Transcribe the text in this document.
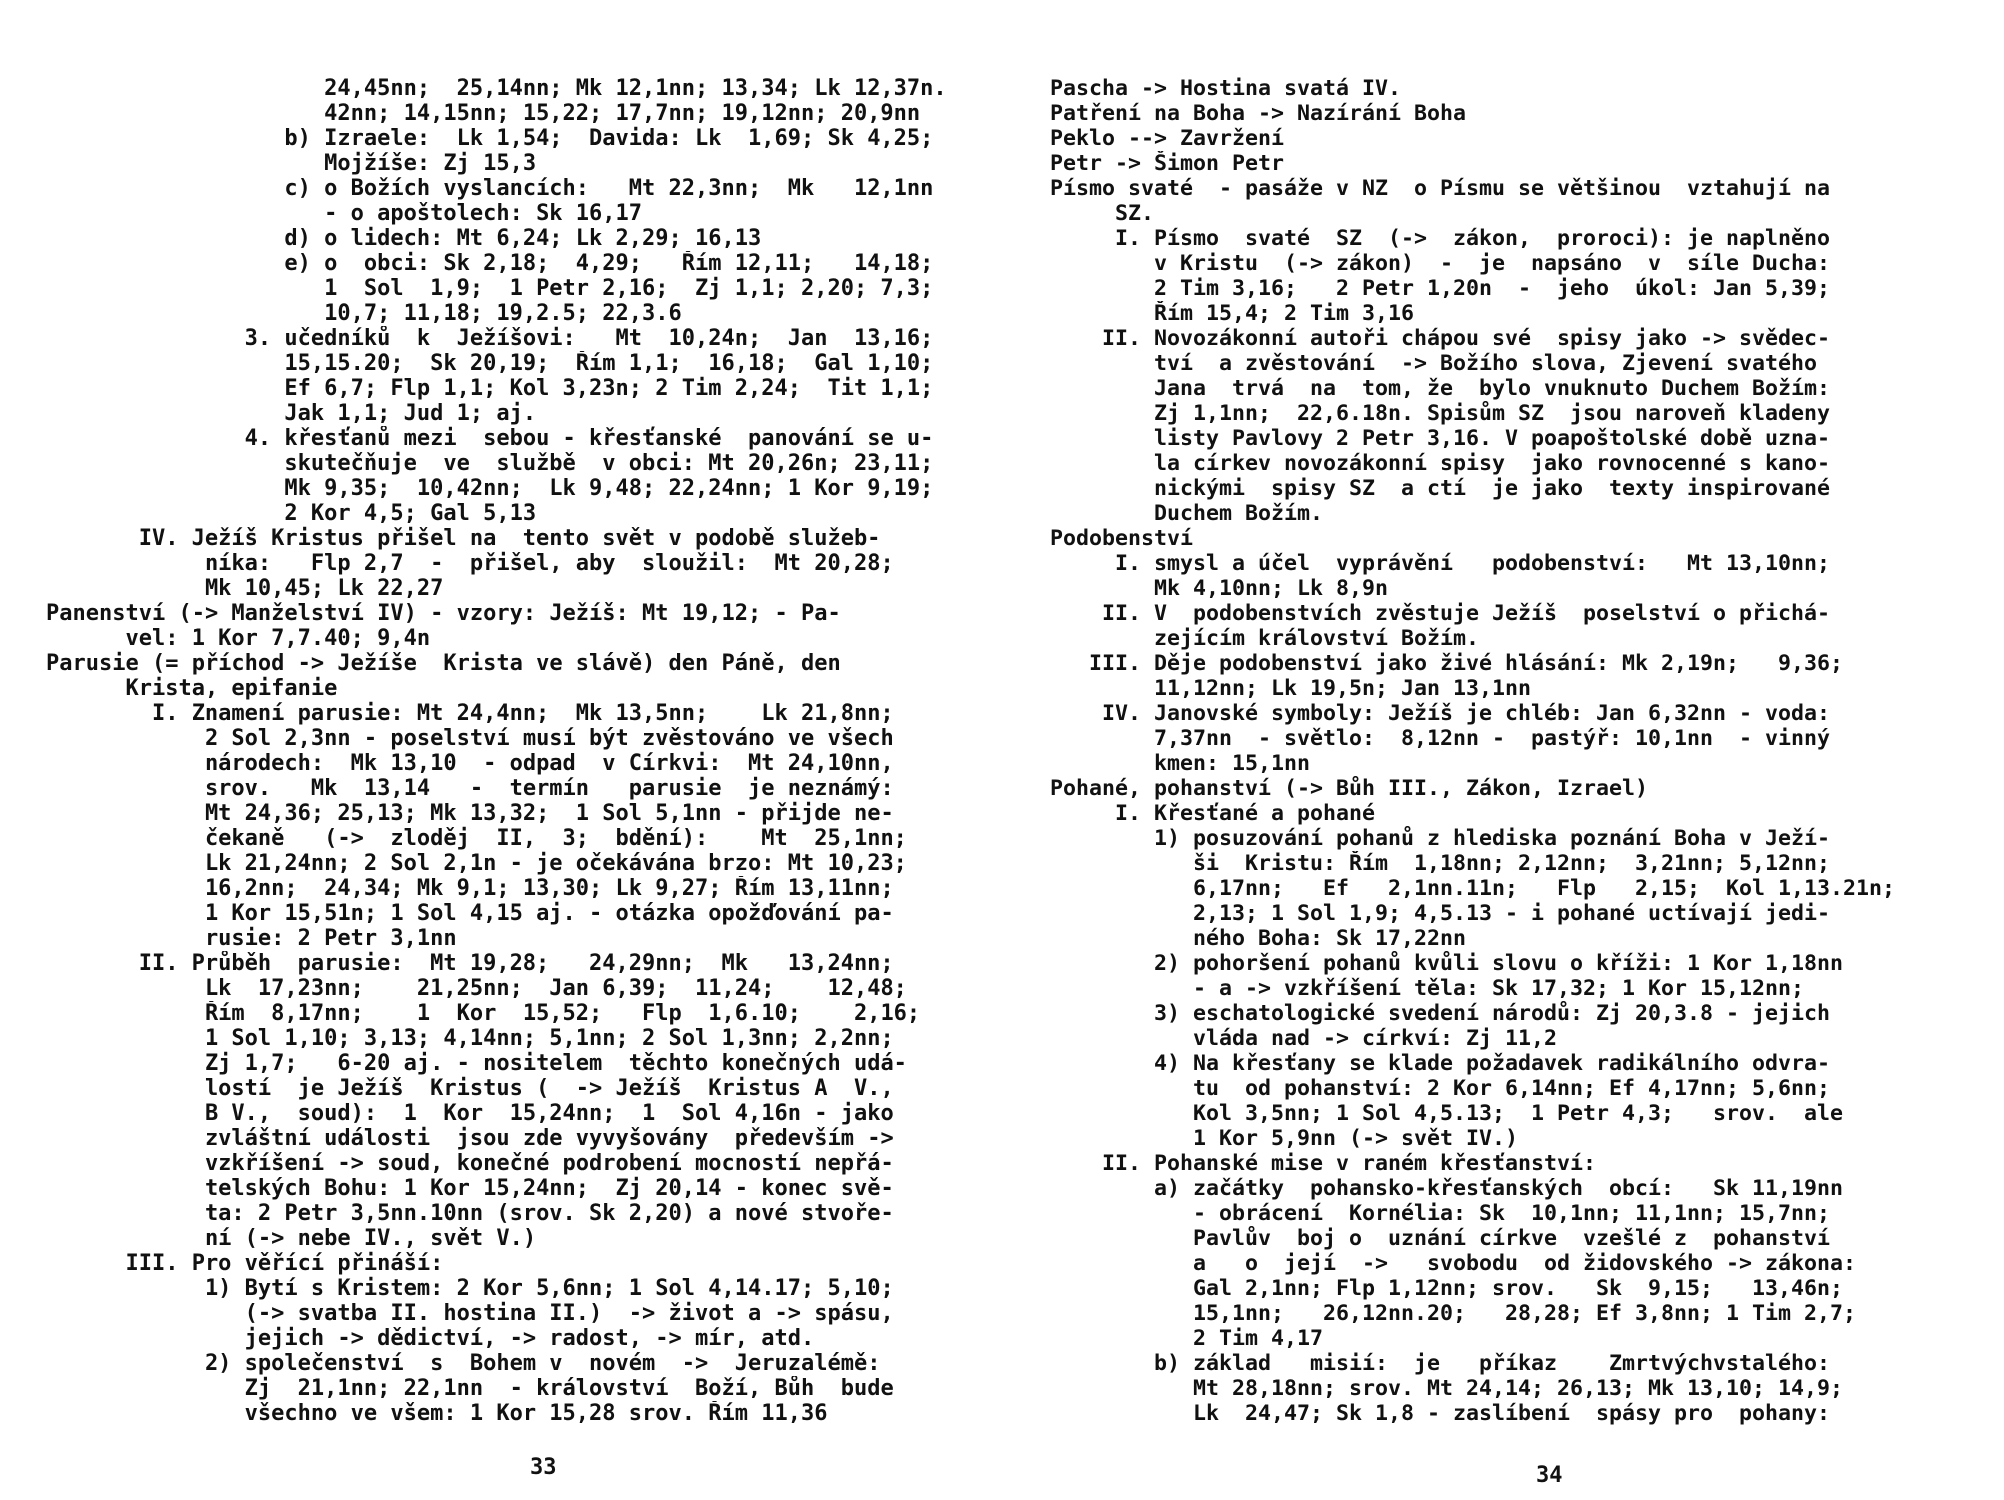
24,45nn;  25,14nn; Mk 12,1nn; 13,34; Lk 12,37n.
42nn; 14,15nn; 15,22; 17,7nn; 19,12nn; 20,9nn
b) Izraele:  Lk 1,54;  Davida: Lk  1,69; Sk 4,25;
Mojžíše: Zj 15,3
c) o Božích vyslancích:   Mt 22,3nn;  Mk   12,1nn
- o apoštolech: Sk 16,17
d) o lidech: Mt 6,24; Lk 2,29; 16,13
e) o  obci: Sk 2,18;  4,29;   Řím 12,11;   14,18;
1  Sol  1,9;  1 Petr 2,16;  Zj 1,1; 2,20; 7,3;
10,7; 11,18; 19,2.5; 22,3.6
3. učedníků  k  Ježíšovi:   Mt  10,24n;  Jan  13,16;
15,15.20;  Sk 20,19;  Řím 1,1;  16,18;  Gal 1,10;
Ef 6,7; Flp 1,1; Kol 3,23n; 2 Tim 2,24;  Tit 1,1;
Jak 1,1; Jud 1; aj.
4. křesťanů mezi  sebou - křesťanské  panování se u-
skutečňuje  ve  službě  v obci: Mt 20,26n; 23,11;
Mk 9,35;  10,42nn;  Lk 9,48; 22,24nn; 1 Kor 9,19;
2 Kor 4,5; Gal 5,13
IV. Ježíš Kristus přišel na  tento svět v podobě služeb-
níka:   Flp 2,7  -  přišel, aby  sloužil:  Mt 20,28;
Mk 10,45; Lk 22,27
Panenství (-> Manželství IV) - vzory: Ježíš: Mt 19,12; - Pa-
vel: 1 Kor 7,7.40; 9,4n
Parusie (= příchod -> Ježíše  Krista ve slávě) den Páně, den
Krista, epifanie
I. Znamení parusie: Mt 24,4nn;  Mk 13,5nn;    Lk 21,8nn;
2 Sol 2,3nn - poselství musí být zvěstováno ve všech
národech:  Mk 13,10  - odpad  v Církvi:  Mt 24,10nn,
srov.   Mk  13,14   -  termín   parusie  je neznámý:
Mt 24,36; 25,13; Mk 13,32;  1 Sol 5,1nn - přijde ne-
čekaně   (->  zloděj  II,  3;  bdění):    Mt  25,1nn;
Lk 21,24nn; 2 Sol 2,1n - je očekávána brzo: Mt 10,23;
16,2nn;  24,34; Mk 9,1; 13,30; Lk 9,27; Řím 13,11nn;
1 Kor 15,51n; 1 Sol 4,15 aj. - otázka opožďování pa-
rusie: 2 Petr 3,1nn
II. Průběh  parusie:  Mt 19,28;   24,29nn;  Mk   13,24nn;
Lk  17,23nn;    21,25nn;  Jan 6,39;  11,24;    12,48;
Řím  8,17nn;    1  Kor  15,52;   Flp  1,6.10;    2,16;
1 Sol 1,10; 3,13; 4,14nn; 5,1nn; 2 Sol 1,3nn; 2,2nn;
Zj 1,7;   6-20 aj. - nositelem  těchto konečných udá-
lostí  je Ježíš  Kristus (  -> Ježíš  Kristus A  V.,
B V.,  soud):  1  Kor  15,24nn;  1  Sol 4,16n - jako
zvláštní události  jsou zde vyvyšovány  především ->
vzkříšení -> soud, konečné podrobení mocností nepřá-
telských Bohu: 1 Kor 15,24nn;  Zj 20,14 - konec svě-
ta: 2 Petr 3,5nn.10nn (srov. Sk 2,20) a nové stvoře-
ní (-> nebe IV., svět V.)
III. Pro věřící přináší:
1) Bytí s Kristem: 2 Kor 5,6nn; 1 Sol 4,14.17; 5,10;
(-> svatba II. hostina II.)  -> život a -> spásu,
jejich -> dědictví, -> radost, -> mír, atd.
2) společenství  s  Bohem v  novém  ->  Jeruzalémě:
Zj  21,1nn; 22,1nn  - království  Boží, Bůh  bude
všechno ve všem: 1 Kor 15,28 srov. Řím 11,36
33
Pascha -> Hostina svatá IV.
Patření na Boha -> Nazírání Boha
Peklo --> Zavržení
Petr -> Šimon Petr
Písmo svaté  - pasáže v NZ  o Písmu se většinou  vztahují na
SZ.
I. Písmo  svaté  SZ  (->  zákon,  proroci): je naplněno
v Kristu  (-> zákon)  -  je  napsáno  v  síle Ducha:
2 Tim 3,16;   2 Petr 1,20n  -  jeho  úkol: Jan 5,39;
Řím 15,4; 2 Tim 3,16
II. Novozákonní autoři chápou své  spisy jako -> svědec-
tví  a zvěstování  -> Božího slova, Zjevení svatého
Jana  trvá  na  tom, že  bylo vnuknuto Duchem Božím:
Zj 1,1nn;  22,6.18n. Spisům SZ  jsou naroveň kladeny
listy Pavlovy 2 Petr 3,16. V poapoštolské době uzna-
la církev novozákonní spisy  jako rovnocenné s kano-
nickými  spisy SZ  a ctí  je jako  texty inspirované
Duchem Božím.
Podobenství
I. smysl a účel  vyprávění   podobenství:   Mt 13,10nn;
Mk 4,10nn; Lk 8,9n
II. V  podobenstvích zvěstuje Ježíš  poselství o přichá-
zejícím království Božím.
III. Děje podobenství jako živé hlásání: Mk 2,19n;   9,36;
11,12nn; Lk 19,5n; Jan 13,1nn
IV. Janovské symboly: Ježíš je chléb: Jan 6,32nn - voda:
7,37nn  - světlo:  8,12nn -  pastýř: 10,1nn  - vinný
kmen: 15,1nn
Pohané, pohanství (-> Bůh III., Zákon, Izrael)
I. Křesťané a pohané
1) posuzování pohanů z hlediska poznání Boha v Ježí-
ši  Kristu: Řím  1,18nn; 2,12nn;  3,21nn; 5,12nn;
6,17nn;   Ef   2,1nn.11n;   Flp   2,15;  Kol 1,13.21n;
2,13; 1 Sol 1,9; 4,5.13 - i pohané uctívají jedi-
ného Boha: Sk 17,22nn
2) pohoršení pohanů kvůli slovu o kříži: 1 Kor 1,18nn
- a -> vzkříšení těla: Sk 17,32; 1 Kor 15,12nn;
3) eschatologické svedení národů: Zj 20,3.8 - jejich
vláda nad -> církví: Zj 11,2
4) Na křesťany se klade požadavek radikálního odvra-
tu  od pohanství: 2 Kor 6,14nn; Ef 4,17nn; 5,6nn;
Kol 3,5nn; 1 Sol 4,5.13;  1 Petr 4,3;   srov.  ale
1 Kor 5,9nn (-> svět IV.)
II. Pohanské mise v raném křesťanství:
a) začátky  pohansko-křesťanských  obcí:   Sk 11,19nn
- obrácení  Kornélia: Sk  10,1nn; 11,1nn; 15,7nn;
Pavlův  boj o  uznání církve  vzešlé z  pohanství
a   o  její  ->   svobodu  od židovského -> zákona:
Gal 2,1nn; Flp 1,12nn; srov.   Sk  9,15;   13,46n;
15,1nn;   26,12nn.20;   28,28; Ef 3,8nn; 1 Tim 2,7;
2 Tim 4,17
b) základ   misií:  je   příkaz    Zmrtvýchvstalého:
Mt 28,18nn; srov. Mt 24,14; 26,13; Mk 13,10; 14,9;
Lk  24,47; Sk 1,8 - zaslíbení  spásy pro  pohany:
34
